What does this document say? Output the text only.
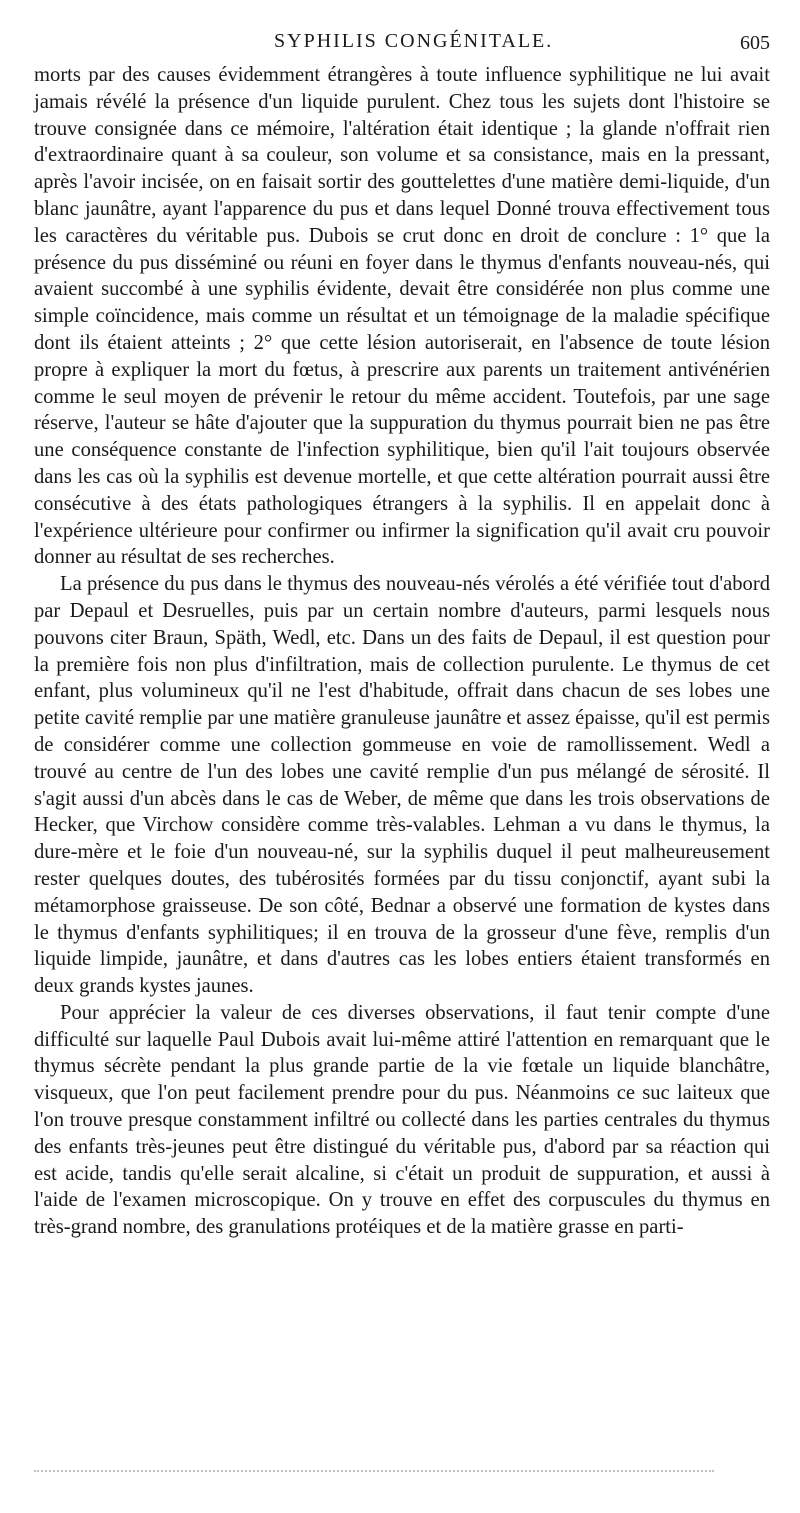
SYPHILIS CONGÉNITALE.	605

morts par des causes évidemment étrangères à toute influence syphilitique ne lui avait jamais révélé la présence d'un liquide purulent. Chez tous les sujets dont l'histoire se trouve consignée dans ce mémoire, l'altération était identique ; la glande n'offrait rien d'extraordinaire quant à sa couleur, son volume et sa consistance, mais en la pressant, après l'avoir incisée, on en faisait sortir des gouttelettes d'une matière demi-liquide, d'un blanc jaunâtre, ayant l'apparence du pus et dans lequel Donné trouva effectivement tous les caractères du véritable pus. Dubois se crut donc en droit de conclure : 1° que la présence du pus disséminé ou réuni en foyer dans le thymus d'enfants nouveau-nés, qui avaient succombé à une syphilis évidente, devait être considérée non plus comme une simple coïncidence, mais comme un résultat et un témoignage de la maladie spécifique dont ils étaient atteints ; 2° que cette lésion autoriserait, en l'absence de toute lésion propre à expliquer la mort du fœtus, à prescrire aux parents un traitement antivénérien comme le seul moyen de prévenir le retour du même accident. Toutefois, par une sage réserve, l'auteur se hâte d'ajouter que la suppuration du thymus pourrait bien ne pas être une conséquence constante de l'infection syphilitique, bien qu'il l'ait toujours observée dans les cas où la syphilis est devenue mortelle, et que cette altération pourrait aussi être consécutive à des états pathologiques étrangers à la syphilis. Il en appelait donc à l'expérience ultérieure pour confirmer ou infirmer la signification qu'il avait cru pouvoir donner au résultat de ses recherches.

La présence du pus dans le thymus des nouveau-nés vérolés a été vérifiée tout d'abord par Depaul et Desruelles, puis par un certain nombre d'auteurs, parmi lesquels nous pouvons citer Braun, Späth, Wedl, etc. Dans un des faits de Depaul, il est question pour la première fois non plus d'infiltration, mais de collection purulente. Le thymus de cet enfant, plus volumineux qu'il ne l'est d'habitude, offrait dans chacun de ses lobes une petite cavité remplie par une matière granuleuse jaunâtre et assez épaisse, qu'il est permis de considérer comme une collection gommeuse en voie de ramollissement. Wedl a trouvé au centre de l'un des lobes une cavité remplie d'un pus mélangé de sérosité. Il s'agit aussi d'un abcès dans le cas de Weber, de même que dans les trois observations de Hecker, que Virchow considère comme très-valables. Lehman a vu dans le thymus, la dure-mère et le foie d'un nouveau-né, sur la syphilis duquel il peut malheureusement rester quelques doutes, des tubérosités formées par du tissu conjonctif, ayant subi la métamorphose graisseuse. De son côté, Bednar a observé une formation de kystes dans le thymus d'enfants syphilitiques; il en trouva de la grosseur d'une fève, remplis d'un liquide limpide, jaunâtre, et dans d'autres cas les lobes entiers étaient transformés en deux grands kystes jaunes.

Pour apprécier la valeur de ces diverses observations, il faut tenir compte d'une difficulté sur laquelle Paul Dubois avait lui-même attiré l'attention en remarquant que le thymus sécrète pendant la plus grande partie de la vie fœtale un liquide blanchâtre, visqueux, que l'on peut facilement prendre pour du pus. Néanmoins ce suc laiteux que l'on trouve presque constamment infiltré ou collecté dans les parties centrales du thymus des enfants très-jeunes peut être distingué du véritable pus, d'abord par sa réaction qui est acide, tandis qu'elle serait alcaline, si c'était un produit de suppuration, et aussi à l'aide de l'examen microscopique. On y trouve en effet des corpuscules du thymus en très-grand nombre, des granulations protéiques et de la matière grasse en parti-
